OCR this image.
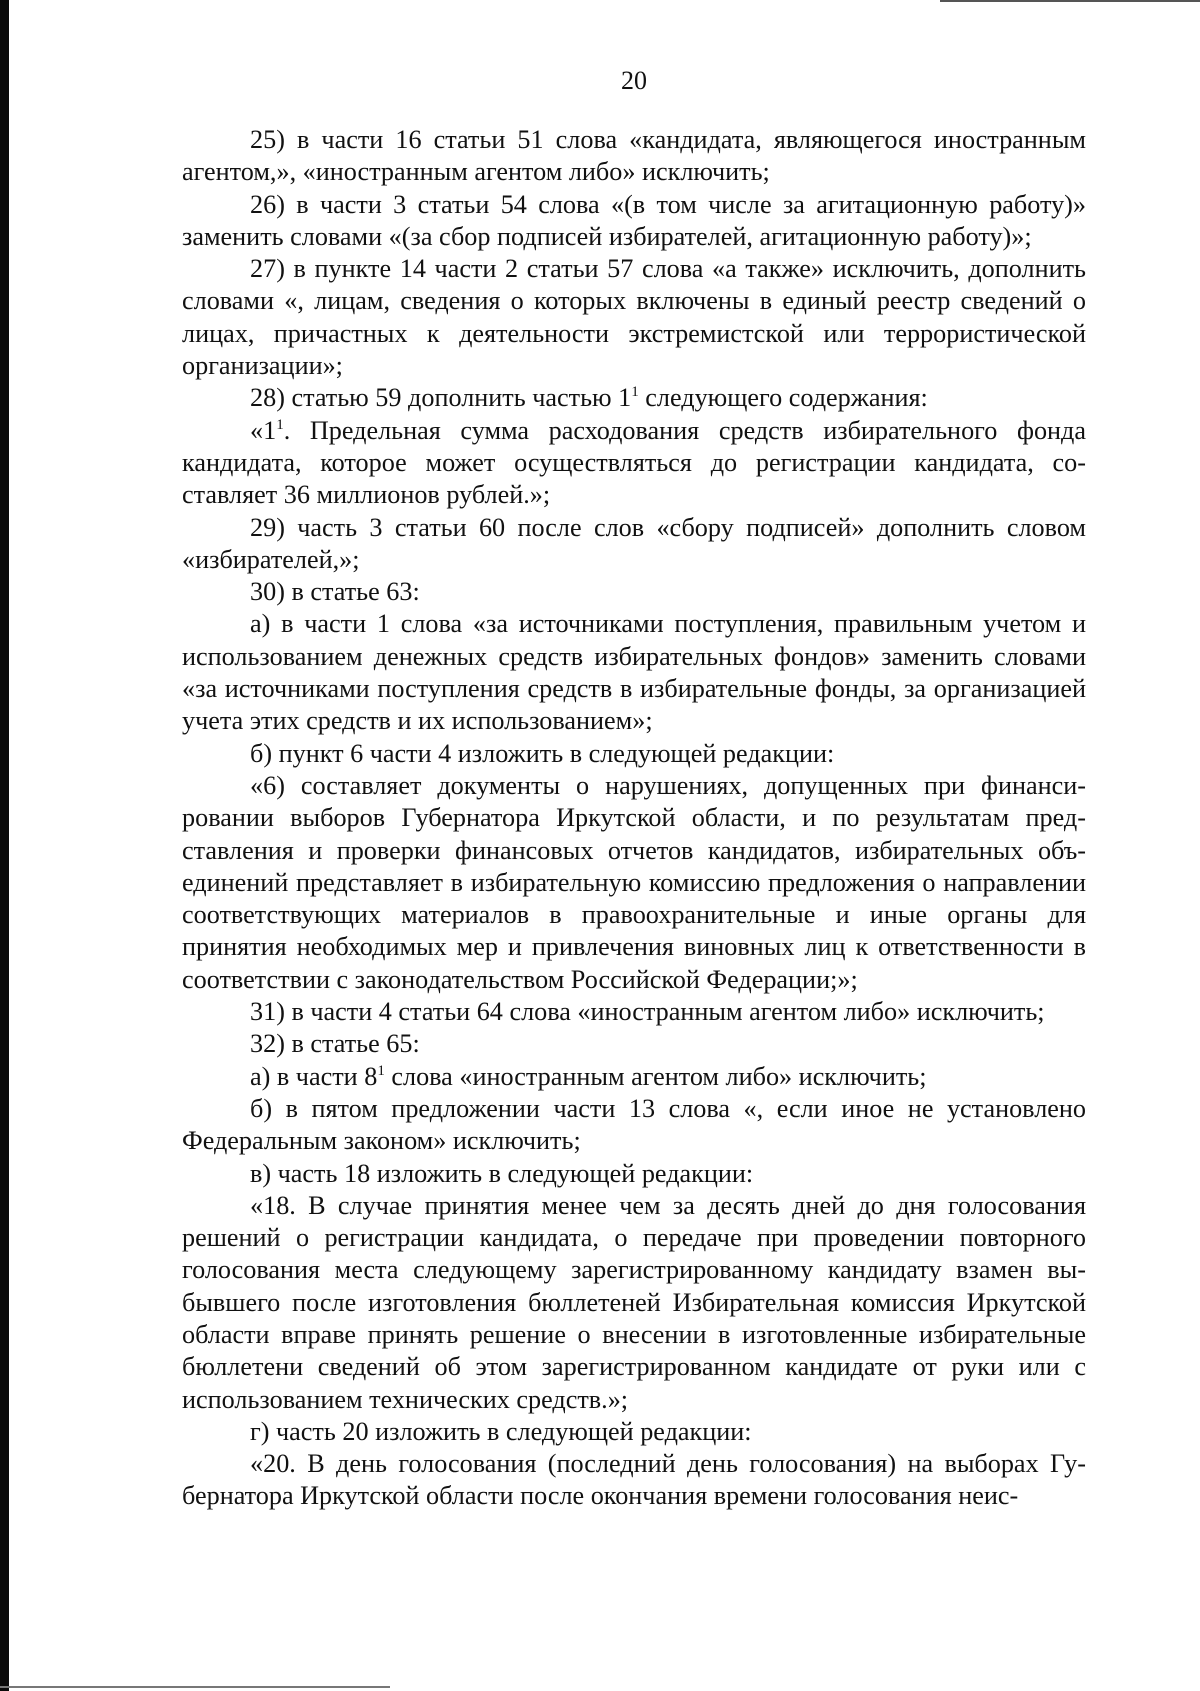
20

25) в части 16 статьи 51 слова «кандидата, являющегося иностранным агентом,», «иностранным агентом либо» исключить;

26) в части 3 статьи 54 слова «(в том числе за агитационную работу)» заменить словами «(за сбор подписей избирателей, агитационную работу)»;

27) в пункте 14 части 2 статьи 57 слова «а также» исключить, дополнить словами «, лицам, сведения о которых включены в единый реестр сведений о лицах, причастных к деятельности экстремистской или террористической организации»;

28) статью 59 дополнить частью $1^1$ следующего содержания:

«$1^1$. Предельная сумма расходования средств избирательного фонда кандидата, которое может осуществляться до регистрации кандидата, составляет 36 миллионов рублей.»;

29) часть 3 статьи 60 после слов «сбору подписей» дополнить словом «избирателей,»;

30) в статье 63:

а) в части 1 слова «за источниками поступления, правильным учетом и использованием денежных средств избирательных фондов» заменить словами «за источниками поступления средств в избирательные фонды, за организацией учета этих средств и их использованием»;

б) пункт 6 части 4 изложить в следующей редакции:

«6) составляет документы о нарушениях, допущенных при финансировании выборов Губернатора Иркутской области, и по результатам представления и проверки финансовых отчетов кандидатов, избирательных объединений представляет в избирательную комиссию предложения о направлении соответствующих материалов в правоохранительные и иные органы для принятия необходимых мер и привлечения виновных лиц к ответственности в соответствии с законодательством Российской Федерации;»;

31) в части 4 статьи 64 слова «иностранным агентом либо» исключить;

32) в статье 65:

а) в части $8^1$ слова «иностранным агентом либо» исключить;

б) в пятом предложении части 13 слова «, если иное не установлено Федеральным законом» исключить;

в) часть 18 изложить в следующей редакции:

«18. В случае принятия менее чем за десять дней до дня голосования решений о регистрации кандидата, о передаче при проведении повторного голосования места следующему зарегистрированному кандидату взамен выбывшего после изготовления бюллетеней Избирательная комиссия Иркутской области вправе принять решение о внесении в изготовленные избирательные бюллетени сведений об этом зарегистрированном кандидате от руки или с использованием технических средств.»;

г) часть 20 изложить в следующей редакции:

«20. В день голосования (последний день голосования) на выборах Губернатора Иркутской области после окончания времени голосования неис-
